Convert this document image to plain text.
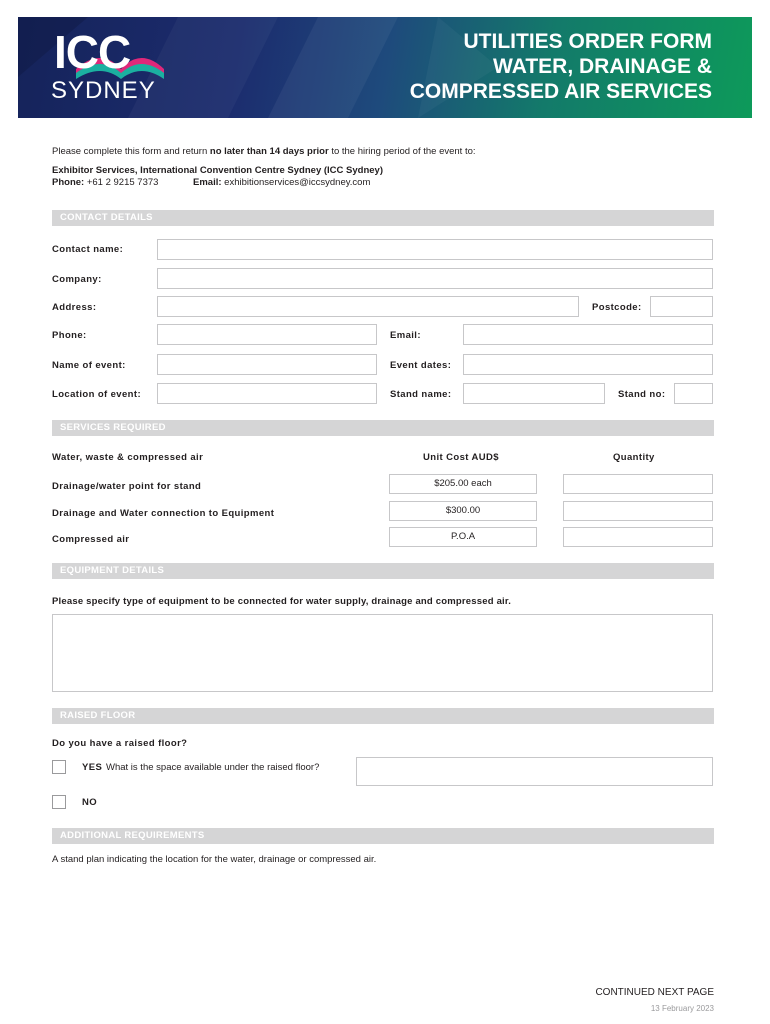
ICC
SYDNEY
UTILITIES ORDER FORM
WATER, DRAINAGE &
COMPRESSED AIR SERVICES
Please complete this form and return no later than 14 days prior to the hiring period of the event to:
Exhibitor Services, International Convention Centre Sydney (ICC Sydney)
Phone: +61 2 9215 7373	Email: exhibitionservices@iccsydney.com
CONTACT DETAILS
Contact name:
Company:
Address:	Postcode:
Phone:	Email:
Name of event:	Event dates:
Location of event:	Stand name:	Stand no:
SERVICES REQUIRED
Water, waste & compressed air	Unit Cost AUD$	Quantity
Drainage/water point for stand	$205.00 each
Drainage and Water connection to Equipment	$300.00
Compressed air	P.O.A
EQUIPMENT DETAILS
Please specify type of equipment to be connected for water supply, drainage and compressed air.
RAISED FLOOR
Do you have a raised floor?
YES What is the space available under the raised floor?
NO
ADDITIONAL REQUIREMENTS
A stand plan indicating the location for the water, drainage or compressed air.
CONTINUED NEXT PAGE
13 February 2023
